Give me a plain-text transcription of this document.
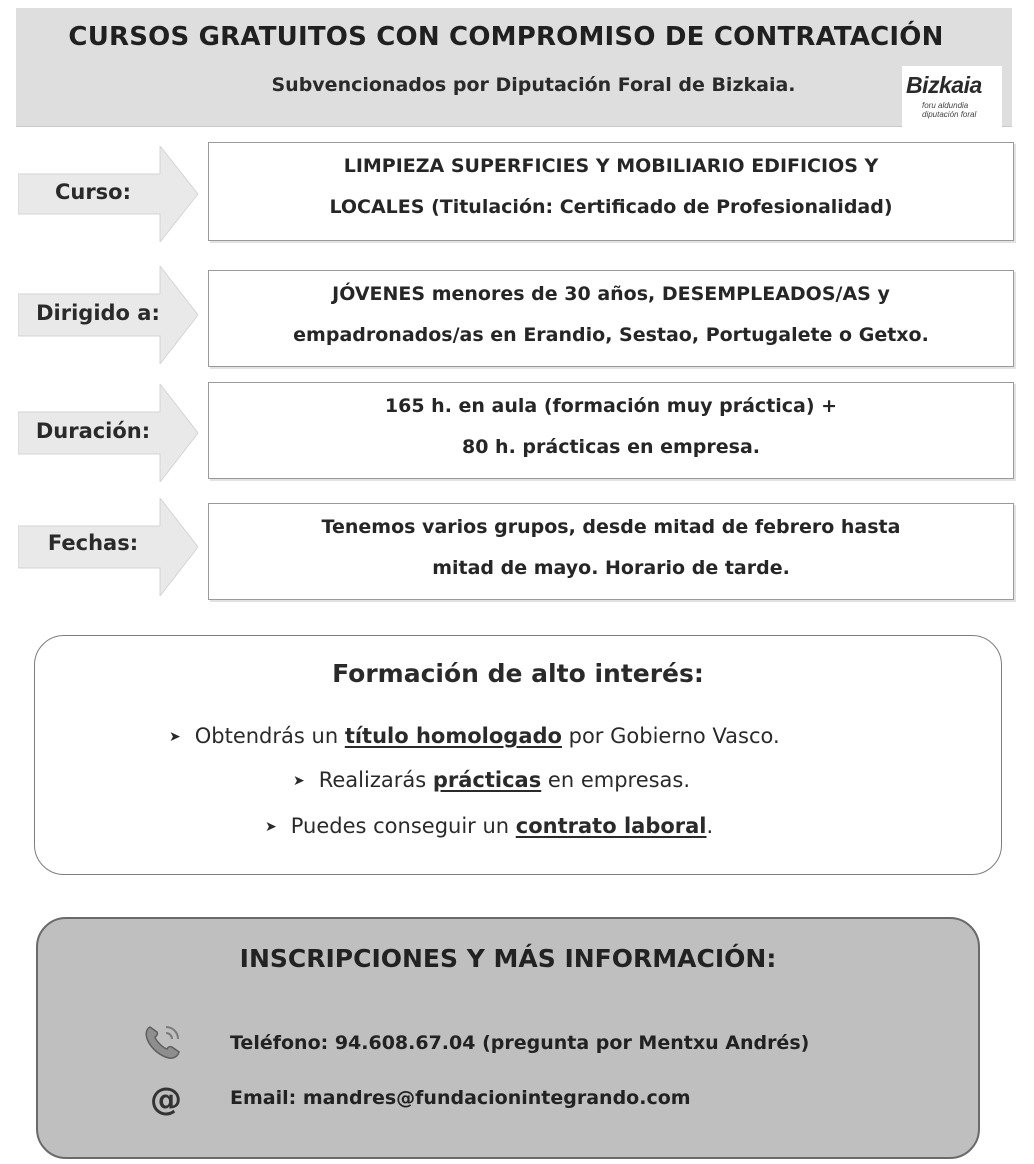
CURSOS GRATUITOS CON COMPROMISO DE CONTRATACIÓN
Subvencionados por Diputación Foral de Bizkaia.	Bizkaia
foru aldundia
diputación foral
Curso:

LIMPIEZA SUPERFICIES Y MOBILIARIO EDIFICIOS Y

LOCALES (Titulación: Certificado de Profesionalidad)

Dirigido a:

JÓVENES menores de 30 años, DESEMPLEADOS/AS y

empadronados/as en Erandio, Sestao, Portugalete o Getxo.

Duración:

165 h. en aula (formación muy práctica) +

80 h. prácticas en empresa.

Fechas:

Tenemos varios grupos, desde mitad de febrero hasta

mitad de mayo. Horario de tarde.

Formación de alto interés:
➤ Obtendrás un título homologado por Gobierno Vasco.
➤ Realizarás prácticas en empresas.
➤ Puedes conseguir un contrato laboral.
INSCRIPCIONES Y MÁS INFORMACIÓN:
Teléfono: 94.608.67.04 (pregunta por Mentxu Andrés)
@	Email: mandres@fundacionintegrando.com
